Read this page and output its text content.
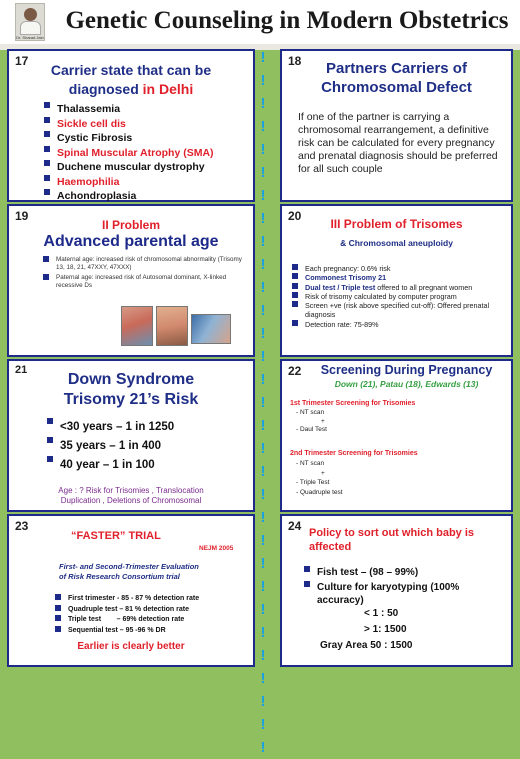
Dr. Sharad Jain
Genetic Counseling in Modern Obstetrics
! ! ! ! ! ! ! ! ! ! ! ! ! ! ! ! ! ! ! ! ! ! ! ! ! ! ! ! ! ! !
17
Carrier state that can be
diagnosed in Delhi
Thalassemia
Sickle cell dis
Cystic Fibrosis
Spinal Muscular Atrophy (SMA)
Duchene muscular dystrophy
Haemophilia
Achondroplasia
18	Partners Carriers of
Chromosomal Defect
If one of the partner is carrying a chromosomal rearrangement, a definitive risk can be calculated for every pregnancy and prenatal diagnosis should be preferred for all such couple
19
II Problem
Advanced parental age
Maternal age: increased risk of chromosomal abnormality (Trisomy 13, 18, 21, 47XXY, 47XXX)
Paternal age: increased risk of Autosomal dominant, X-linked recessive Ds
20
III Problem of Trisomes
& Chromosomal aneuploidy
Each pregnancy: 0.6% risk
Commonest Trisomy 21
Dual test / Triple test offered to all pregnant women
Risk of trisomy calculated by computer program
Screen +ve (risk above specified cut-off): Offered prenatal diagnosis
Detection rate: 75-89%
21
Down Syndrome
Trisomy 21’s Risk
<30 years – 1 in 1250
35 years – 1 in 400
40 year – 1 in 100
Age : ? Risk for Trisomies , Translocation
Duplication , Deletions of Chromosomal
22	Screening During Pregnancy
Down (21), Patau (18), Edwards (13)
1st Trimester Screening for Trisomies
- NT scan
+
- Daul Test
2nd Trimester Screening for Trisomies
- NT scan
+
- Triple Test
- Quadruple test
23
“FASTER” TRIAL
NEJM 2005
First- and Second-Trimester Evaluation
of Risk Research Consortium trial
First trimester - 85 - 87 % detection rate
Quadruple test – 81 % detection rate
Triple test        – 69% detection rate
Sequential test – 95 -96 % DR
Earlier is clearly better
24 Policy to sort out which baby is
affected
Fish test – (98 – 99%)
Culture for karyotyping (100% accuracy)
< 1 : 50
> 1: 1500
Gray Area 50 : 1500
